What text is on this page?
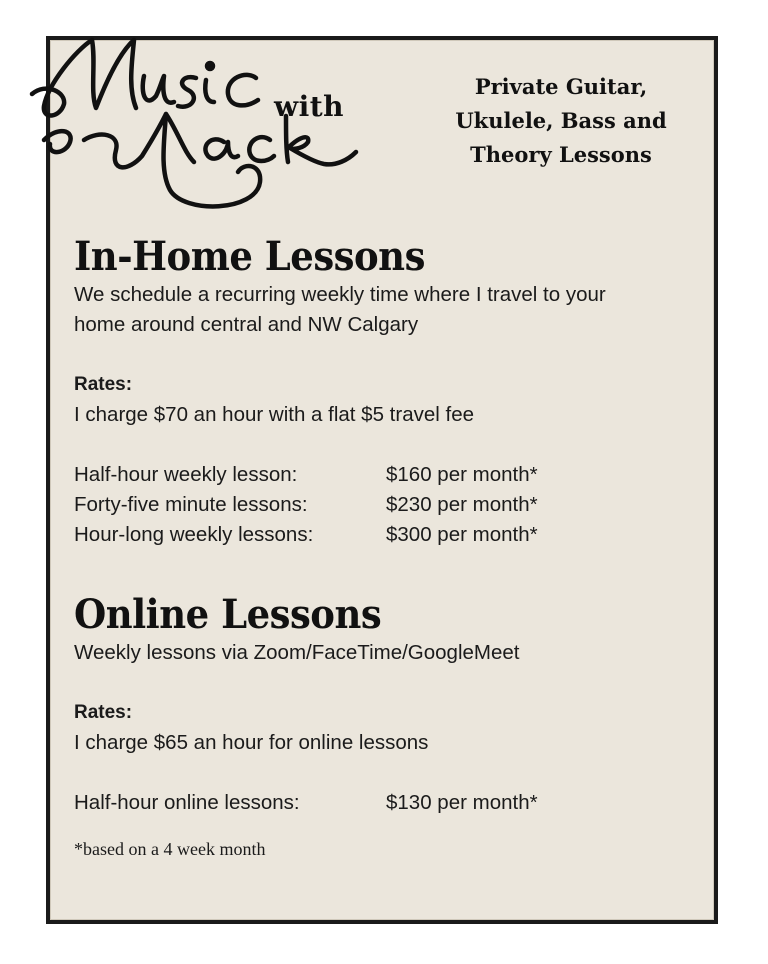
with
Private Guitar,
Ukulele, Bass and
Theory Lessons
In-Home Lessons

We schedule a recurring weekly time where I travel to your

home around central and NW Calgary

Rates:

I charge $70 an hour with a flat $5 travel fee

Half-hour weekly lesson:	$160 per month*
Forty-five minute lessons:	$230 per month*
Hour-long weekly lessons:	$300 per month*
Online Lessons

Weekly lessons via Zoom/FaceTime/GoogleMeet

Rates:

I charge $65 an hour for online lessons

Half-hour online lessons:	$130 per month*
*based on a 4 week month
